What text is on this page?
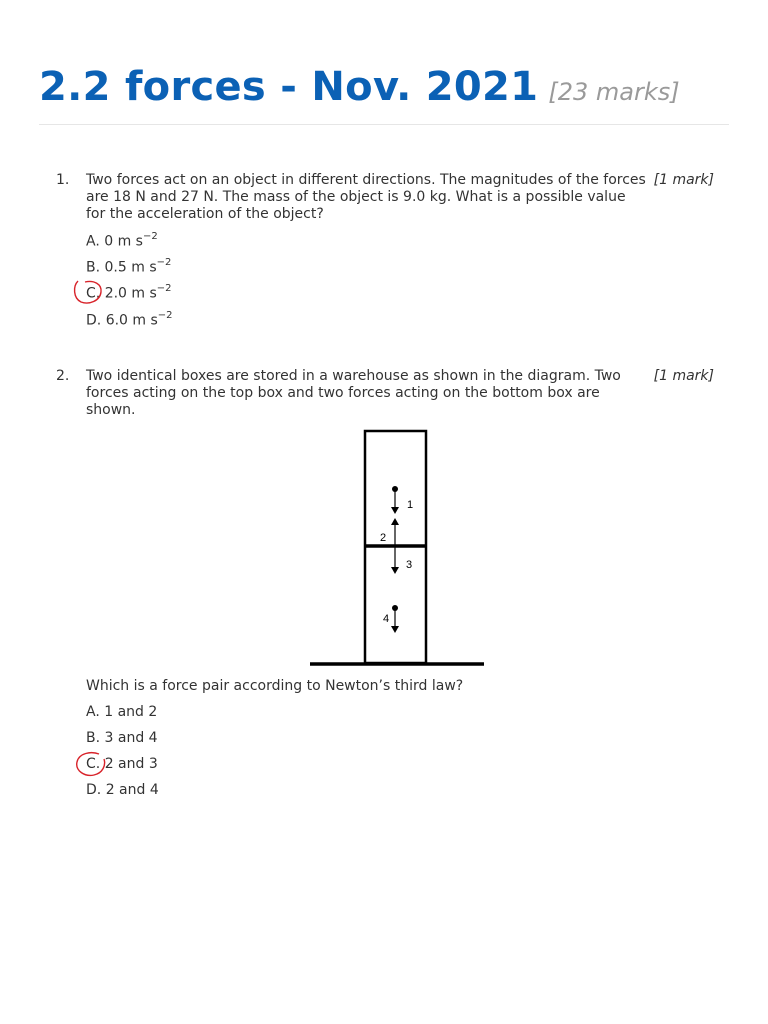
2.2 forces - Nov. 2021 [23 marks]
1. Two forces act on an object in different directions. The magnitudes of the forces are 18 N and 27 N. The mass of the object is 9.0 kg. What is a possible value for the acceleration of the object?
[1 mark]
A. 0 m $s^{-2}$
B. 0.5 m $s^{-2}$
C. 2.0 m $s^{-2}$
D. 6.0 m $s^{-2}$
2. Two identical boxes are stored in a warehouse as shown in the diagram. Two forces acting on the top box and two forces acting on the bottom box are shown.
[1 mark]
1
2
3
4
Which is a force pair according to Newton’s third law?
A. 1 and 2
B. 3 and 4
C. 2 and 3
D. 2 and 4
